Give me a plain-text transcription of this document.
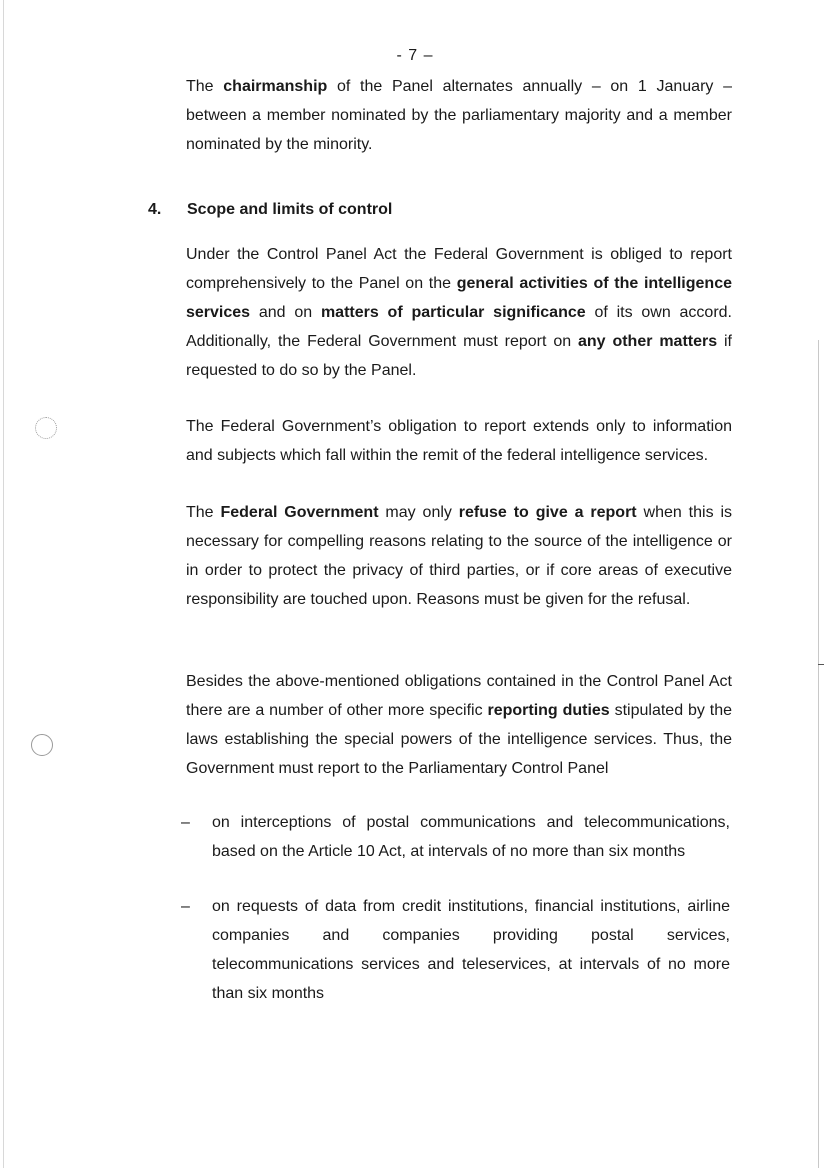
- 7 –

The chairmanship of the Panel alternates annually – on 1 January – between a member nominated by the parliamentary majority and a member nominated by the minority.

4. Scope and limits of control

Under the Control Panel Act the Federal Government is obliged to report comprehensively to the Panel on the general activities of the intelligence services and on matters of particular significance of its own accord. Additionally, the Federal Government must report on any other matters if requested to do so by the Panel.

The Federal Government’s obligation to report extends only to information and subjects which fall within the remit of the federal intelligence services.

The Federal Government may only refuse to give a report when this is necessary for compelling reasons relating to the source of the intelligence or in order to protect the privacy of third parties, or if core areas of executive responsibility are touched upon. Reasons must be given for the refusal.

Besides the above-mentioned obligations contained in the Control Panel Act there are a number of other more specific reporting duties stipulated by the laws establishing the special powers of the intelligence services. Thus, the Government must report to the Parliamentary Control Panel

– on interceptions of postal communications and telecommunications, based on the Article 10 Act, at intervals of no more than six months

– on requests of data from credit institutions, financial institutions, airline companies and companies providing postal services, telecommunications services and teleservices, at intervals of no more than six months
